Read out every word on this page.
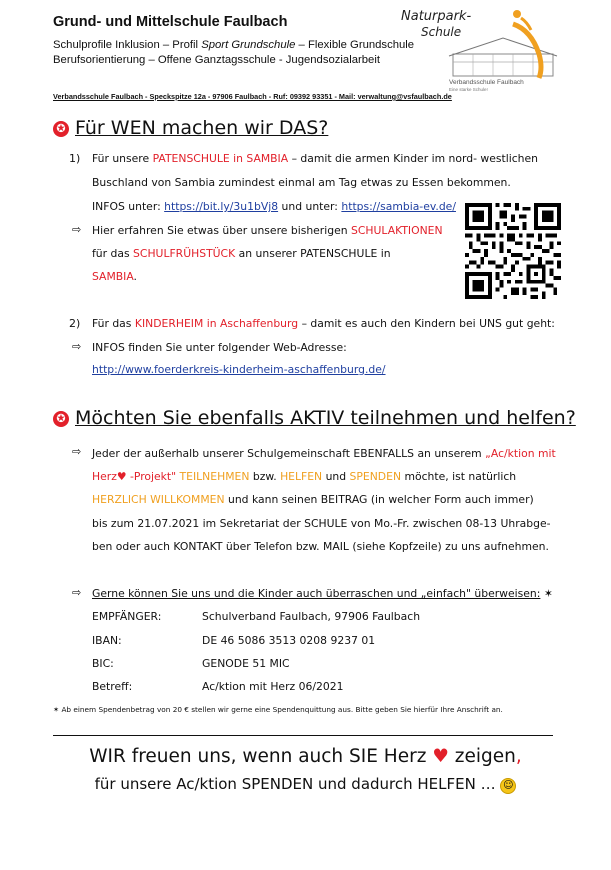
Grund- und Mittelschule Faulbach
Schulprofile Inklusion – Profil Sport Grundschule – Flexible Grundschule
Berufsorientierung – Offene Ganztagsschule - Jugendsozialarbeit
Verbandsschule Faulbach - Speckspitze 12a - 97906 Faulbach - Ruf: 09392 93351 - Mail: verwaltung@vsfaulbach.de
Naturpark-
Schule
Verbandsschule Faulbach
Eine starke Schule!
✪ Für WEN machen wir DAS?
1) Für unsere PATENSCHULE in SAMBIA – damit die armen Kinder im nord- westlichen
Buschland von Sambia zumindest einmal am Tag etwas zu Essen bekommen.
INFOS unter: https://bit.ly/3u1bVj8 und unter: https://sambia-ev.de/
⇨ Hier erfahren Sie etwas über unsere bisherigen SCHULAKTIONEN
für das SCHULFRÜHSTÜCK an unserer PATENSCHULE in
SAMBIA.
2) Für das KINDERHEIM in Aschaffenburg – damit es auch den Kindern bei UNS gut geht:
⇨ INFOS finden Sie unter folgender Web-Adresse:
http://www.foerderkreis-kinderheim-aschaffenburg.de/
✪ Möchten Sie ebenfalls AKTIV teilnehmen und helfen?
⇨ Jeder der außerhalb unserer Schulgemeinschaft EBENFALLS an unserem „Ac/ktion mit
Herz♥ -Projekt" TEILNEHMEN bzw. HELFEN und SPENDEN möchte, ist natürlich
HERZLICH WILLKOMMEN und kann seinen BEITRAG (in welcher Form auch immer)
bis zum 21.07.2021 im Sekretariat der SCHULE von Mo.-Fr. zwischen 08-13 Uhrabge-
ben oder auch KONTAKT über Telefon bzw. MAIL (siehe Kopfzeile) zu uns aufnehmen.
⇨ Gerne können Sie uns und die Kinder auch überraschen und „einfach" überweisen: ✶
EMPFÄNGER:	Schulverband Faulbach, 97906 Faulbach
IBAN:	DE 46 5086 3513 0208 9237 01
BIC:	GENODE 51 MIC
Betreff:	Ac/ktion mit Herz 06/2021
✶ Ab einem Spendenbetrag von 20 € stellen wir gerne eine Spendenquittung aus. Bitte geben Sie hierfür Ihre Anschrift an.
WIR freuen uns, wenn auch SIE Herz ♥ zeigen,
für unsere Ac/ktion SPENDEN und dadurch HELFEN … ☺
